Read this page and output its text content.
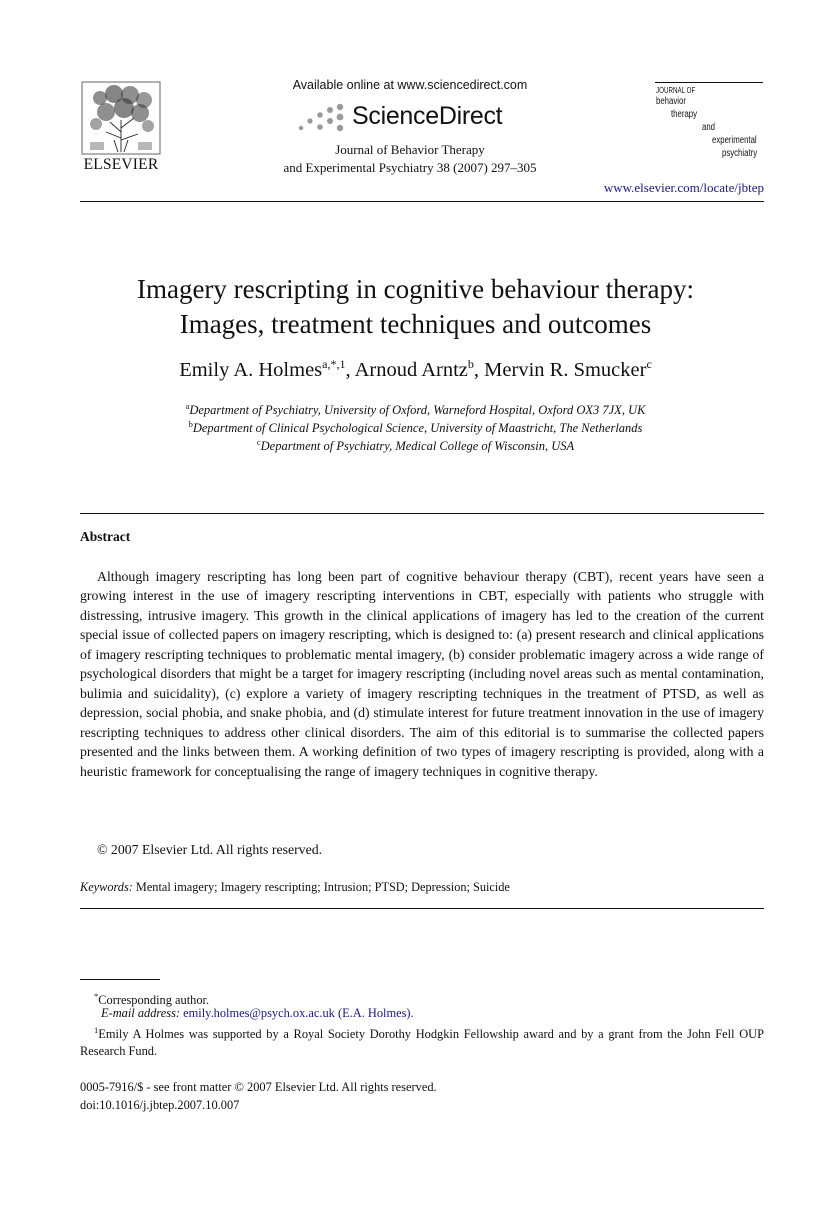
ELSEVIER
Available online at www.sciencedirect.com
ScienceDirect
Journal of Behavior Therapy
and Experimental Psychiatry 38 (2007) 297–305
JOURNAL OF
behavior
therapy
and
experimental
psychiatry
www.elsevier.com/locate/jbtep
Imagery rescripting in cognitive behaviour therapy:
Images, treatment techniques and outcomes
Emily A. Holmes$^{a,*,1}$, Arnoud Arntz$^b$, Mervin R. Smucker$^c$
$^a$Department of Psychiatry, University of Oxford, Warneford Hospital, Oxford OX3 7JX, UK
$^b$Department of Clinical Psychological Science, University of Maastricht, The Netherlands
$^c$Department of Psychiatry, Medical College of Wisconsin, USA
Abstract

Although imagery rescripting has long been part of cognitive behaviour therapy (CBT), recent years have seen a growing interest in the use of imagery rescripting interventions in CBT, especially with patients who struggle with distressing, intrusive imagery. This growth in the clinical applications of imagery has led to the creation of the current special issue of collected papers on imagery rescripting, which is designed to: (a) present research and clinical applications of imagery rescripting techniques to problematic mental imagery, (b) consider problematic imagery across a wide range of psychological disorders that might be a target for imagery rescripting (including novel areas such as mental contamination, bulimia and suicidality), (c) explore a variety of imagery rescripting techniques in the treatment of PTSD, as well as depression, social phobia, and snake phobia, and (d) stimulate interest for future treatment innovation in the use of imagery rescripting techniques to address other clinical disorders. The aim of this editorial is to summarise the collected papers presented and the links between them. A working definition of two types of imagery rescripting is provided, along with a heuristic framework for conceptualising the range of imagery techniques in cognitive therapy.

© 2007 Elsevier Ltd. All rights reserved.
Keywords: Mental imagery; Imagery rescripting; Intrusion; PTSD; Depression; Suicide
*Corresponding author.
E-mail address: emily.holmes@psych.ox.ac.uk (E.A. Holmes).

$^1$Emily A Holmes was supported by a Royal Society Dorothy Hodgkin Fellowship award and by a grant from the John Fell OUP Research Fund.

0005-7916/$ - see front matter © 2007 Elsevier Ltd. All rights reserved.
doi:10.1016/j.jbtep.2007.10.007
